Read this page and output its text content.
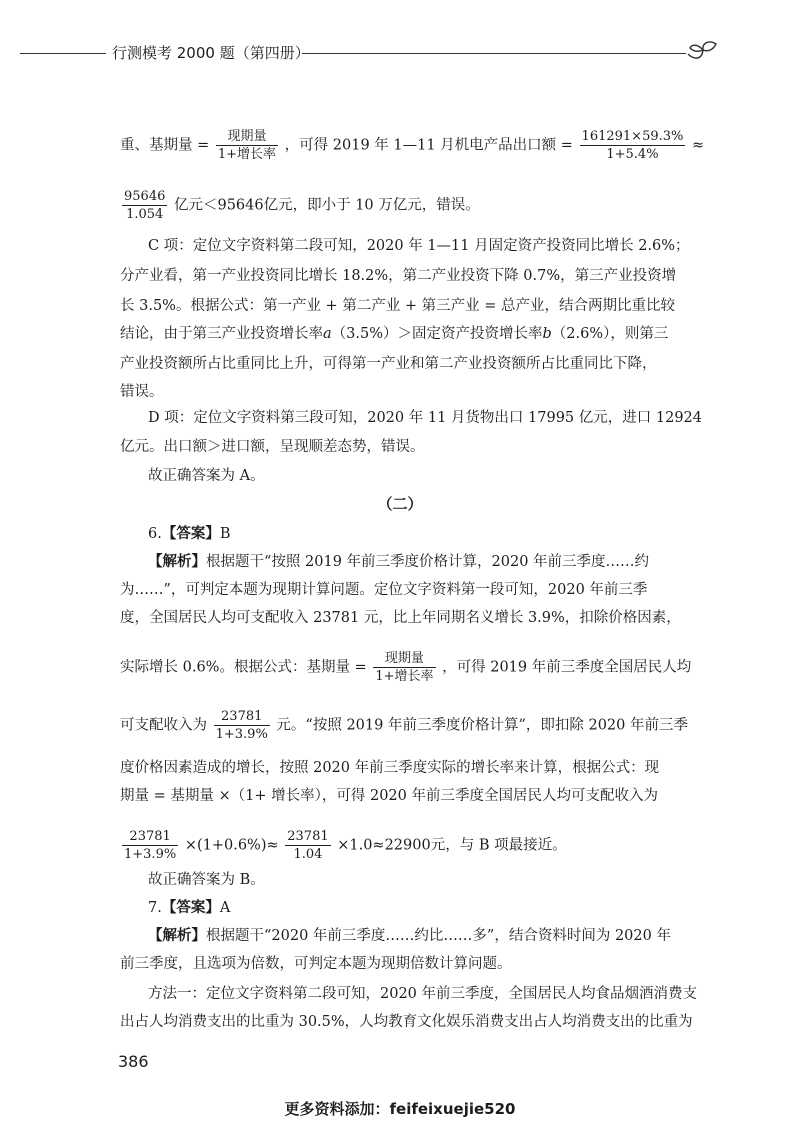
行测模考 2000 题（第四册）
重、基期量 = $\frac{\text{现期量}}{\text{1+增长率}}$ ，可得 2019 年 1—11 月机电产品出口额 = $\frac{161291\times 59.3\%}{1+5.4\%}$ ≈
$\frac{95646}{1.054}$ 亿元＜95646亿元，即小于 10 万亿元，错误。
C 项：定位文字资料第二段可知，2020 年 1—11 月固定资产投资同比增长 2.6%；
分产业看，第一产业投资同比增长 18.2%，第二产业投资下降 0.7%，第三产业投资增
长 3.5%。根据公式：第一产业 + 第二产业 + 第三产业 = 总产业，结合两期比重比较
结论，由于第三产业投资增长率a（3.5%）＞固定资产投资增长率b（2.6%），则第三
产业投资额所占比重同比上升，可得第一产业和第二产业投资额所占比重同比下降，
错误。
D 项：定位文字资料第三段可知，2020 年 11 月货物出口 17995 亿元，进口 12924
亿元。出口额＞进口额，呈现顺差态势，错误。
故正确答案为 A。
（二）
6.【答案】B
【解析】根据题干“按照 2019 年前三季度价格计算，2020 年前三季度……约
为……”，可判定本题为现期计算问题。定位文字资料第一段可知，2020 年前三季
度，全国居民人均可支配收入 23781 元，比上年同期名义增长 3.9%，扣除价格因素，
实际增长 0.6%。根据公式：基期量 = $\frac{\text{现期量}}{\text{1+增长率}}$ ，可得 2019 年前三季度全国居民人均
可支配收入为 $\frac{23781}{1+3.9\%}$ 元。“按照 2019 年前三季度价格计算”，即扣除 2020 年前三季
度价格因素造成的增长，按照 2020 年前三季度实际的增长率来计算，根据公式：现
期量 = 基期量 ×（1+ 增长率），可得 2020 年前三季度全国居民人均可支配收入为
$\frac{23781}{1+3.9\%} \times(1+0.6\%)\approx \frac{23781}{1.04} \times 1.0\approx 22900$元，与 B 项最接近。
故正确答案为 B。
7.【答案】A
【解析】根据题干“2020 年前三季度……约比……多”，结合资料时间为 2020 年
前三季度，且选项为倍数，可判定本题为现期倍数计算问题。
方法一：定位文字资料第二段可知，2020 年前三季度，全国居民人均食品烟酒消费支
出占人均消费支出的比重为 30.5%，人均教育文化娱乐消费支出占人均消费支出的比重为
386
更多资料添加：feifeixuejie520
